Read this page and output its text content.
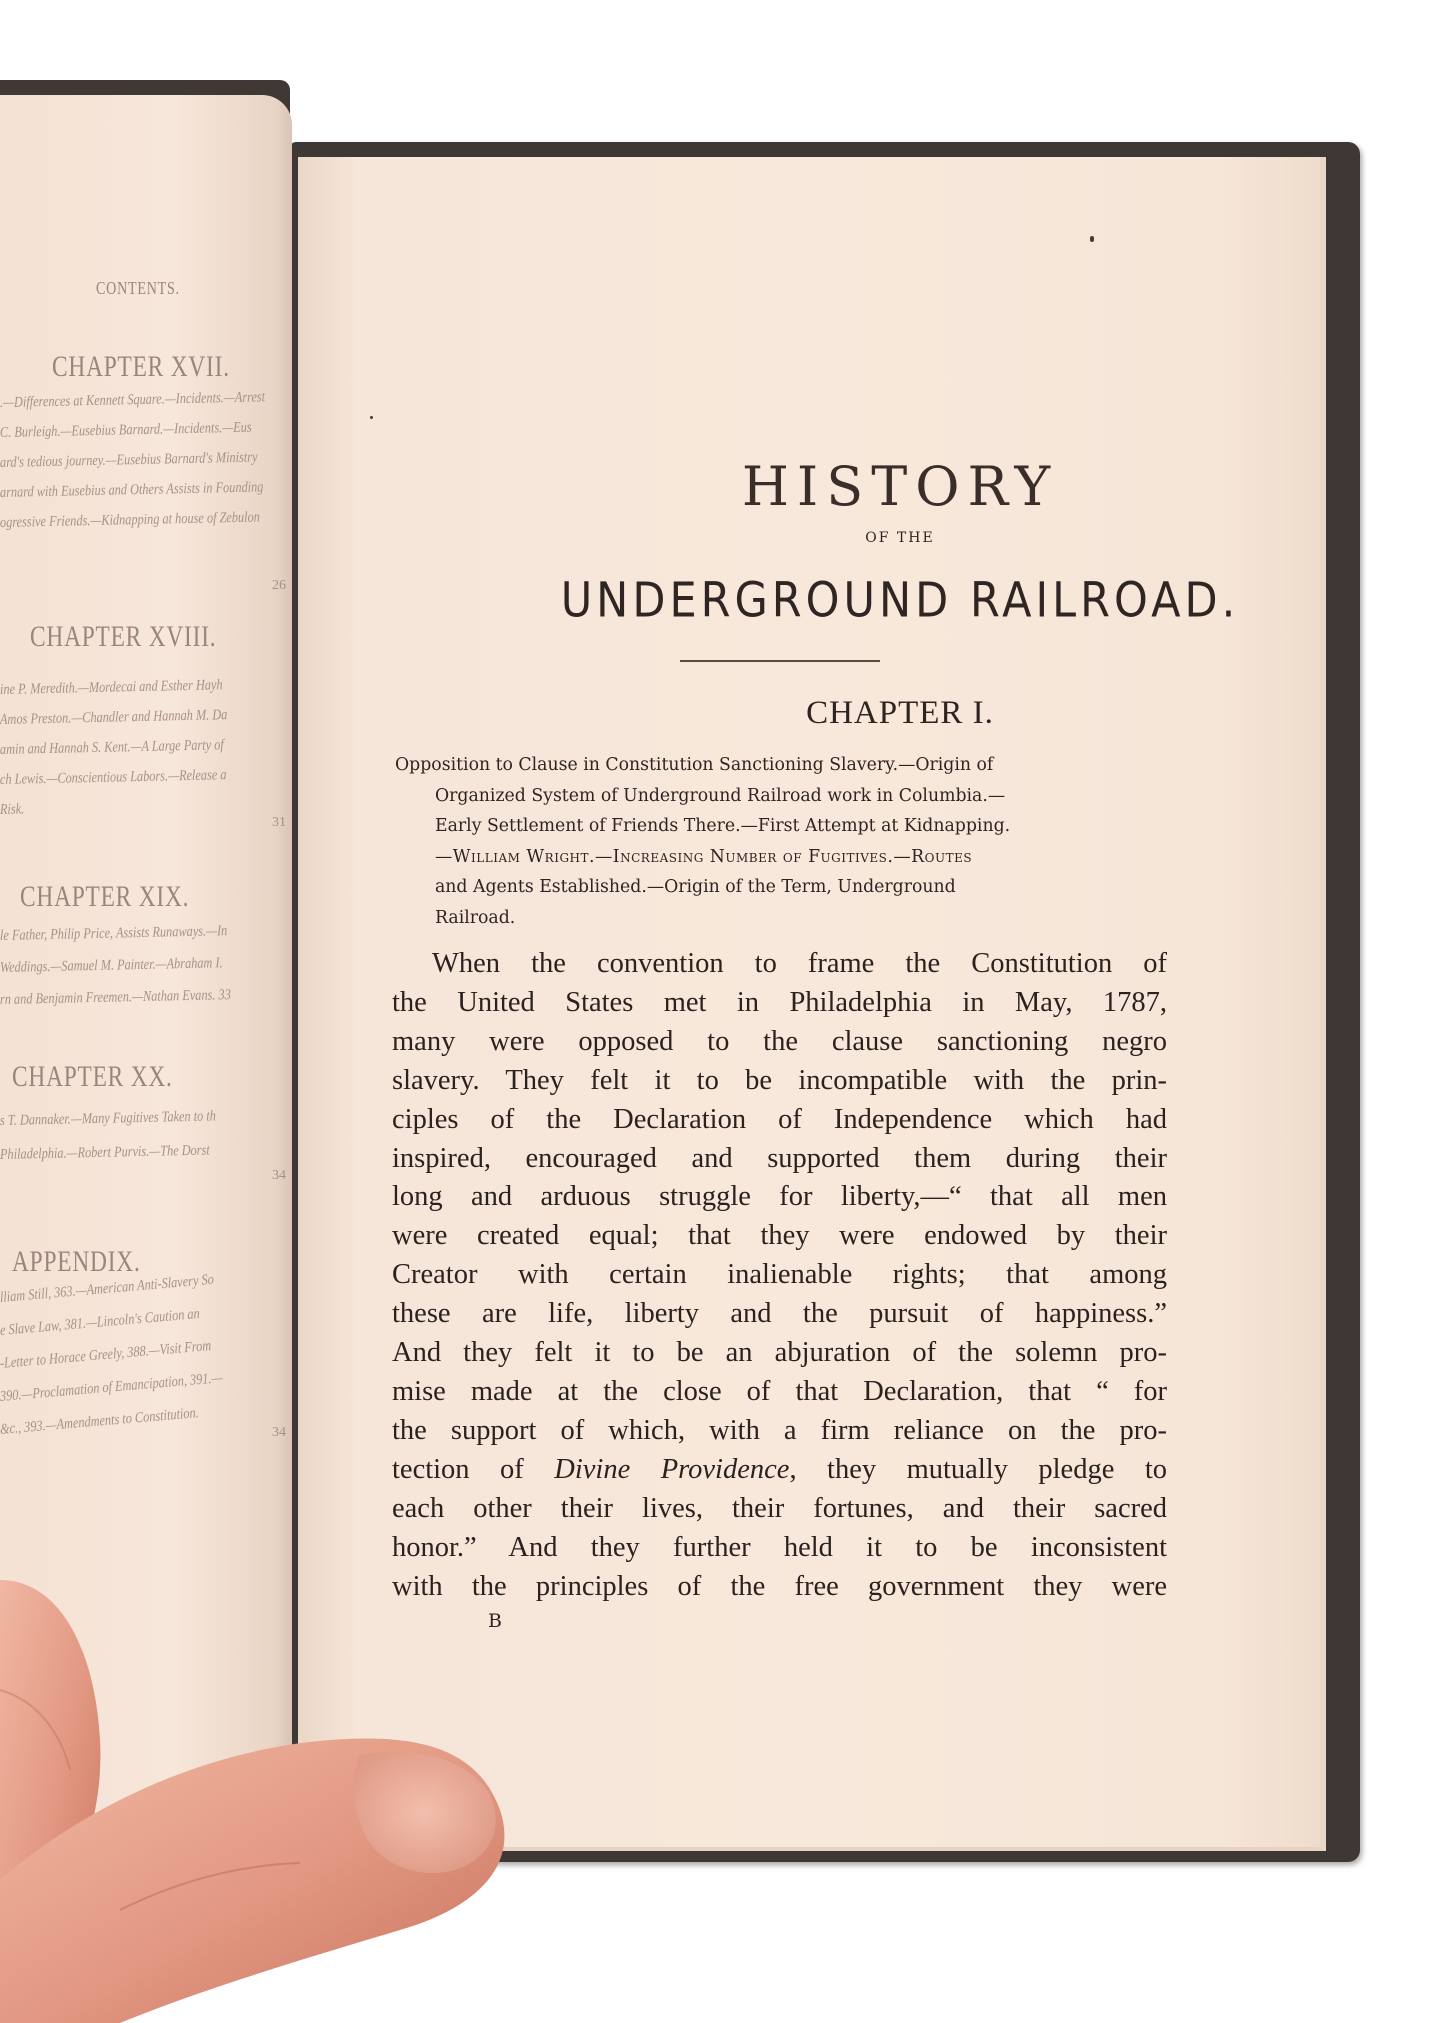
CONTENTS.
CHAPTER XVII.
.—Differences at Kennett Square.—Incidents.—Arrest
C. Burleigh.—Eusebius Barnard.—Incidents.—Eus
ard's tedious journey.—Eusebius Barnard's Ministry
arnard with Eusebius and Others Assists in Founding
ogressive Friends.—Kidnapping at house of Zebulon
26
CHAPTER XVIII.
ine P. Meredith.—Mordecai and Esther Hayh
Amos Preston.—Chandler and Hannah M. Da
amin and Hannah S. Kent.—A Large Party of
ch Lewis.—Conscientious Labors.—Release a
Risk.
31
CHAPTER XIX.
le Father, Philip Price, Assists Runaways.—In
Weddings.—Samuel M. Painter.—Abraham I.
rn and Benjamin Freemen.—Nathan Evans. 33
CHAPTER XX.
s T. Dannaker.—Many Fugitives Taken to th
Philadelphia.—Robert Purvis.—The Dorst
34
APPENDIX.
lliam Still, 363.—American Anti-Slavery So
e Slave Law, 381.—Lincoln's Caution an
-Letter to Horace Greely, 388.—Visit From
390.—Proclamation of Emancipation, 391.—
&c., 393.—Amendments to Constitution.	34
HISTORY
OF THE
UNDERGROUND RAILROAD.
CHAPTER I.
Opposition to Clause in Constitution Sanctioning Slavery.—Origin of
Organized System of Underground Railroad work in Columbia.—
Early Settlement of Friends There.—First Attempt at Kidnapping.
—William Wright.—Increasing Number of Fugitives.—Routes
and Agents Established.—Origin of the Term, Underground
Railroad.
When the convention to frame the Constitution of
the United States met in Philadelphia in May, 1787,
many were opposed to the clause sanctioning negro
slavery. They felt it to be incompatible with the prin-
ciples of the Declaration of Independence which had
inspired, encouraged and supported them during their
long and arduous struggle for liberty,—“ that all men
were created equal; that they were endowed by their
Creator with certain inalienable rights; that among
these are life, liberty and the pursuit of happiness.”
And they felt it to be an abjuration of the solemn pro-
mise made at the close of that Declaration, that “ for
the support of which, with a firm reliance on the pro-
tection of Divine Providence, they mutually pledge to
each other their lives, their fortunes, and their sacred
honor.” And they further held it to be inconsistent
with the principles of the free government they were
B
